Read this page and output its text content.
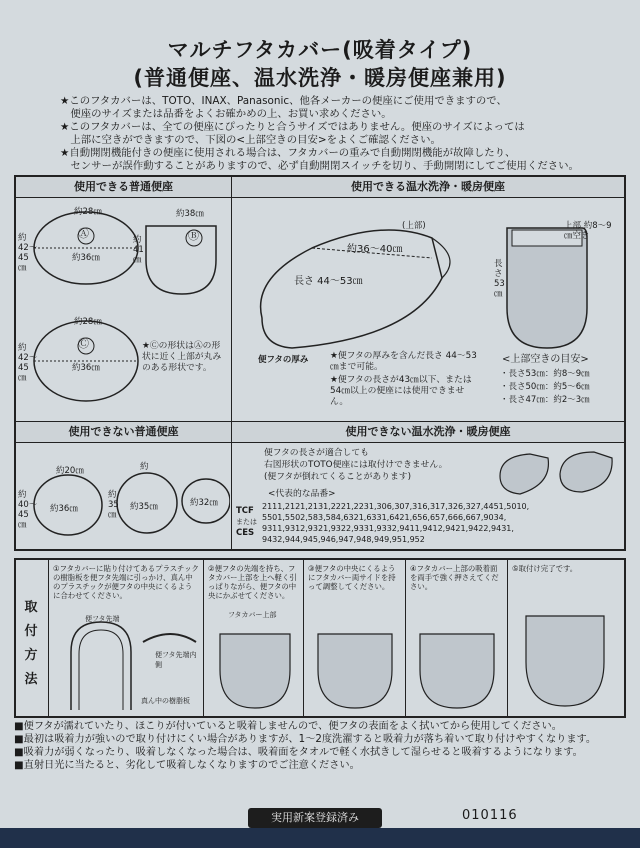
マルチフタカバー(吸着タイプ)
(普通便座、温水洗浄・暖房便座兼用)

★このフタカバーは、TOTO、INAX、Panasonic、他各メーカーの便座にご使用できますので、

　便座のサイズまたは品番をよくお確かめの上、お買い求めください。

★このフタカバーは、全ての便座にぴったりと合うサイズではありません。便座のサイズによっては

　上部に空きができますので、下図の<上部空きの目安>をよくご確認ください。

★自動開閉機能付きの便座に使用される場合は、フタカバーの重みで自動開閉機能が故障したり、

　センサーが誤作動することがありますので、必ず自動開閉スイッチを切り、手動開閉にしてご使用ください。

使用できる普通便座
約28㎝
Ⓐ
約36㎝
約42〜45㎝
約38㎝
Ⓑ
約41㎝
約28㎝
Ⓒ
約36㎝
約42〜45㎝
★Ⓒの形状はⒶの形状に近く上部が丸みのある形状です。
使用できる温水洗浄・暖房便座
(上部)
約36〜40㎝
長さ 44〜53㎝
便フタの厚み ★便フタの厚みを含んだ長さ 44〜53㎝まで可能。
★便フタの長さが43㎝以下、または54㎝以上の便座には使用できません。
上部 約8〜9㎝空き
長さ53㎝
<上部空きの目安>
・長さ53㎝：約8〜9㎝
・長さ50㎝：約5〜6㎝
・長さ47㎝：約2〜3㎝
使用できない普通便座
約20㎝
約36㎝
約40〜45㎝
約
約35㎝
約35㎝
約32㎝
使用できない温水洗浄・暖房便座
便フタの長さが適合しても
右図形状のTOTO便座には取付けできません。
(便フタが倒れてくることがあります)
<代表的な品番>
TCF 2111,2121,2131,2221,2231,306,307,316,317,326,327,4451,5010,
5501,5502,583,584,6321,6331,6421,656,657,666,667,9034,
または
CES 9311,9312,9321,9322,9331,9332,9411,9412,9421,9422,9431,
9432,944,945,946,947,948,949,951,952
取付方法
①フタカバーに貼り付けてあるプラスチックの樹脂板を便フタ先端に引っかけ、真ん中のプラスチックが便フタの中央にくるように合わせてください。
便フタ先端
便フタ先端内側
真ん中の樹脂板
②便フタの先端を持ち、フタカバー上部を上へ軽く引っぱりながら、便フタの中央にかぶせてください。
フタカバー上部
③便フタの中央にくるようにフタカバー両サイドを持って調整してください。
④フタカバー上部の吸着面を両手で強く押さえてください。
⑤取付け完了です。

■便フタが濡れていたり、ほこりが付いていると吸着しませんので、便フタの表面をよく拭いてから使用してください。

■最初は吸着力が強いので取り付けにくい場合がありますが、1〜2度洗濯すると吸着力が落ち着いて取り付けやすくなります。

■吸着力が弱くなったり、吸着しなくなった場合は、吸着面をタオルで軽く水拭きして湿らせると吸着するようになります。

■直射日光に当たると、劣化して吸着しなくなりますのでご注意ください。

実用新案登録済み	010116
